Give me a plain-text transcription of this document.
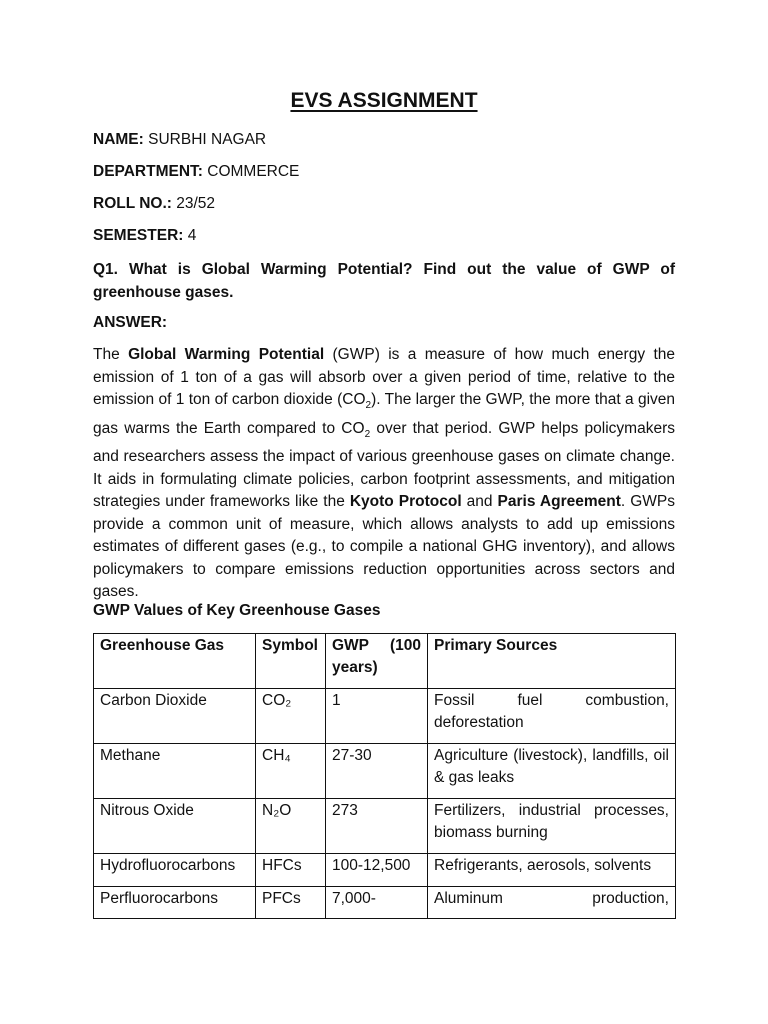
EVS ASSIGNMENT

NAME: SURBHI NAGAR

DEPARTMENT: COMMERCE

ROLL NO.: 23/52

SEMESTER: 4

Q1. What is Global Warming Potential? Find out the value of GWP of greenhouse gases.

ANSWER:

The Global Warming Potential (GWP) is a measure of how much energy the emission of 1 ton of a gas will absorb over a given period of time, relative to the emission of 1 ton of carbon dioxide $(CO_2)$. The larger the GWP, the more that a given gas warms the Earth compared to $CO_2$ over that period. GWP helps policymakers and researchers assess the impact of various greenhouse gases on climate change. It aids in formulating climate policies, carbon footprint assessments, and mitigation strategies under frameworks like the Kyoto Protocol and Paris Agreement. GWPs provide a common unit of measure, which allows analysts to add up emissions estimates of different gases (e.g., to compile a national GHG inventory), and allows policymakers to compare emissions reduction opportunities across sectors and gases.

GWP Values of Key Greenhouse Gases

Greenhouse Gas	Symbol	GWP (100 years)	Primary Sources
Carbon Dioxide	CO₂	1	Fossil fuel combustion, deforestation
Methane	CH₄	27-30	Agriculture (livestock), landfills, oil & gas leaks
Nitrous Oxide	N₂O	273	Fertilizers, industrial processes, biomass burning
Hydrofluorocarbons	HFCs	100-12,500	Refrigerants, aerosols, solvents
Perfluorocarbons	PFCs	7,000-	Aluminum production,
